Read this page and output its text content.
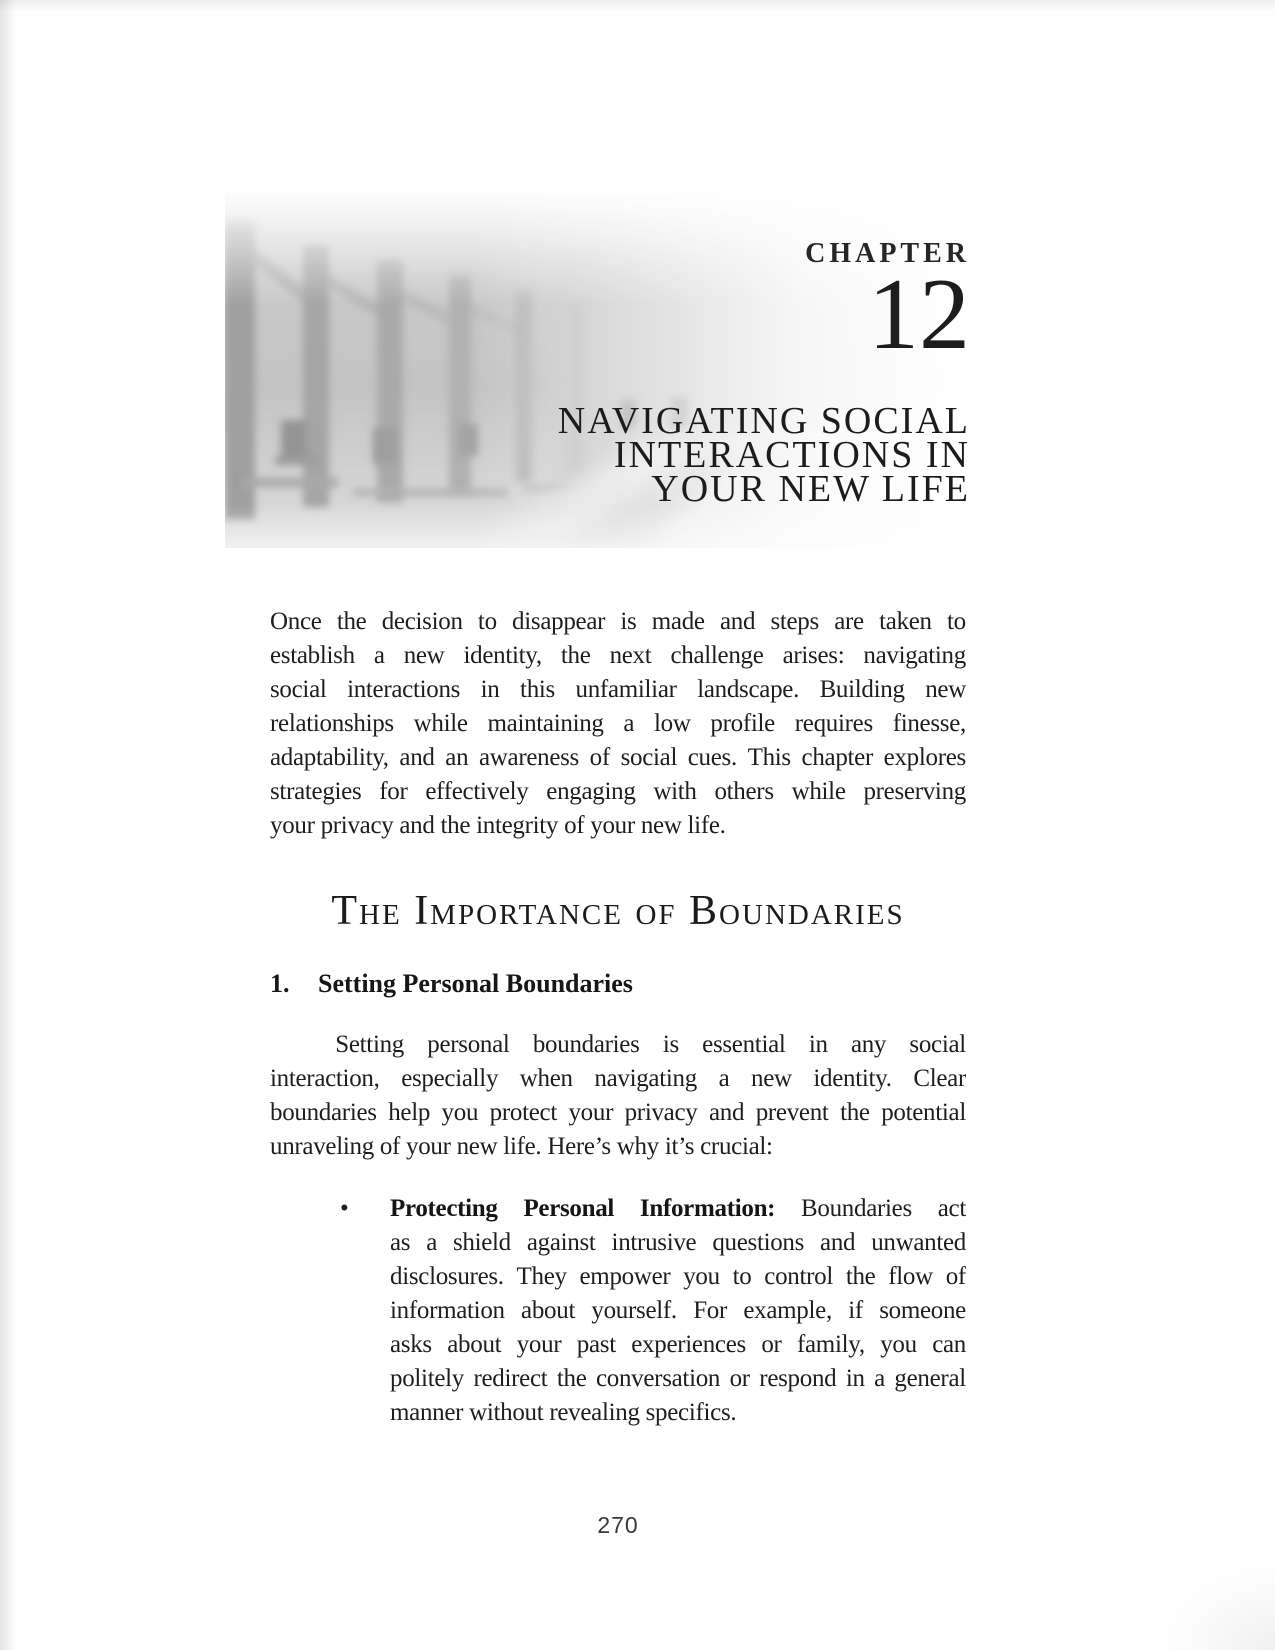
CHAPTER
12
NAVIGATING SOCIAL
INTERACTIONS IN
YOUR NEW LIFE
Once the decision to disappear is made and steps are taken to
establish a new identity, the next challenge arises: navigating
social interactions in this unfamiliar landscape. Building new
relationships while maintaining a low profile requires finesse,
adaptability, and an awareness of social cues. This chapter explores
strategies for effectively engaging with others while preserving
your privacy and the integrity of your new life.
The Importance of Boundaries
1.	Setting Personal Boundaries
Setting personal boundaries is essential in any social
interaction, especially when navigating a new identity. Clear
boundaries help you protect your privacy and prevent the potential
unraveling of your new life. Here’s why it’s crucial:
•	Protecting Personal Information: Boundaries act
as a shield against intrusive questions and unwanted
disclosures. They empower you to control the flow of
information about yourself. For example, if someone
asks about your past experiences or family, you can
politely redirect the conversation or respond in a general
manner without revealing specifics.
270
